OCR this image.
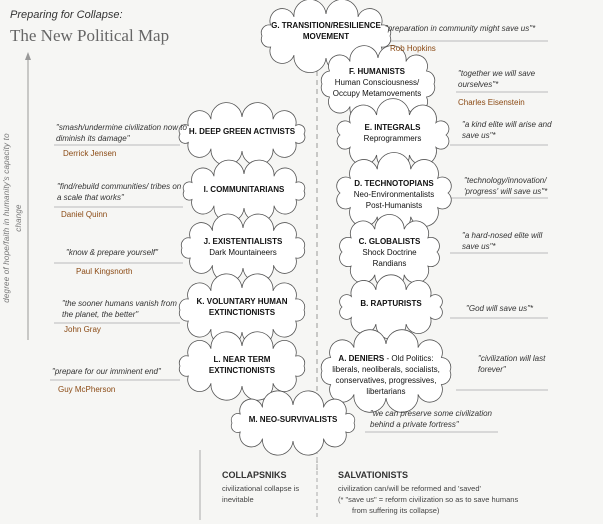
Preparing for Collapse:
The New Political Map
degree of hope/faith in humanity's capacity to change
G. TRANSITION/RESILIENCE MOVEMENT
"preparation in community might save us"*
Rob Hopkins
F. HUMANISTS
Human Consciousness/ Occupy Metamovements
"together we will save ourselves"*
Charles Eisenstein
H. DEEP GREEN ACTIVISTS
"smash/undermine civilization now to diminish its damage"
Derrick Jensen
E. INTEGRALS
Reprogrammers
"a kind elite will arise and save us"*
I. COMMUNITARIANS
"find/rebuild communities/ tribes on a scale that works"
Daniel Quinn
D. TECHNOTOPIANS
Neo-Environmentalists Post-Humanists
"technology/innovation/ 'progress' will save us"*
J. EXISTENTIALISTS
Dark Mountaineers
"know & prepare yourself"
Paul Kingsnorth
C. GLOBALISTS
Shock Doctrine Randians
"a hard-nosed elite will save us"*
K. VOLUNTARY HUMAN EXTINCTIONISTS
"the sooner humans vanish from the planet, the better"
John Gray
B. RAPTURISTS
"God will save us"*
L. NEAR TERM EXTINCTIONISTS
"prepare for our imminent end"
Guy McPherson
A. DENIERS - Old Politics:
liberals, neoliberals, socialists, conservatives, progressives, libertarians
"civilization will last forever"
M. NEO-SURVIVALISTS
"we can preserve some civilization behind a private fortress"
COLLAPSNIKS
civilizational collapse is inevitable
SALVATIONISTS
civilization can/will be reformed and 'saved'
(* "save us" = reform civilization so as to save humans
from suffering its collapse)
